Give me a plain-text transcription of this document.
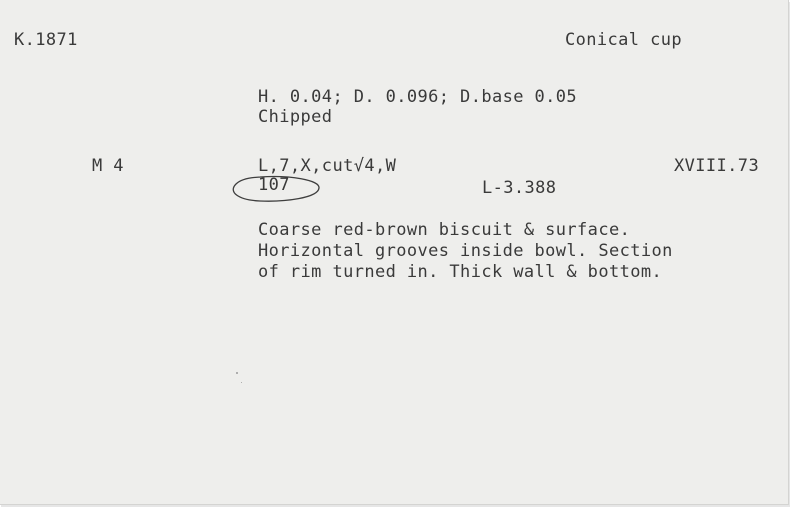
K.1871	Conical cup
H. 0.04; D. 0.096; D.base 0.05
Chipped
M 4	L,7,X,cut√4,W	XVIII.73
107	L-3.388
Coarse red-brown biscuit & surface.
Horizontal grooves inside bowl. Section
of rim turned in. Thick wall & bottom.
